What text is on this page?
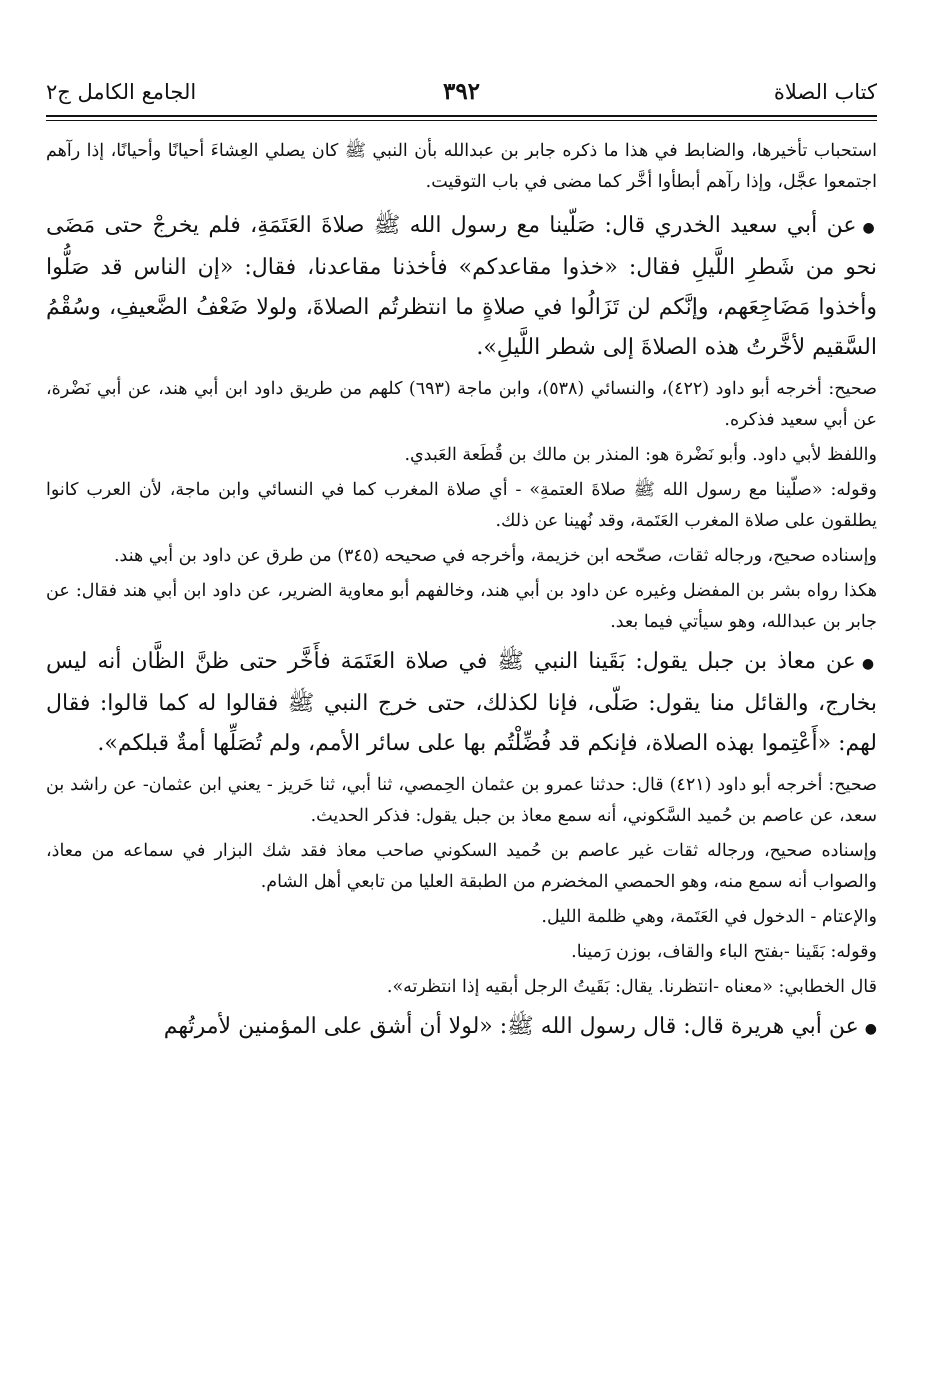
كتاب الصلاة
٣٩٢
الجامع الكامل ج٢

استحباب تأخيرها، والضابط في هذا ما ذكره جابر بن عبدالله بأن النبي ﷺ كان يصلي العِشاءَ أحيانًا وأحيانًا، إذا رآهم اجتمعوا عجَّل، وإذا رآهم أبطأوا أخَّر كما مضى في باب التوقيت.

●عن أبي سعيد الخدري قال: صَلّينا مع رسول الله ﷺ صلاةَ العَتَمَةِ، فلم يخرجْ حتى مَضَى نحو من شَطرِ اللَّيلِ فقال: «خذوا مقاعدكم» فأخذنا مقاعدنا، فقال: «إن الناس قد صَلُّوا وأخذوا مَضَاجِعَهم، وإنَّكم لن تَزَالُوا في صلاةٍ ما انتظرتُم الصلاةَ، ولولا ضَعْفُ الضَّعيفِ، وسُقْمُ السَّقيم لأخَّرتُ هذه الصلاةَ إلى شطر اللَّيلِ».

صحيح: أخرجه أبو داود (٤٢٢)، والنسائي (٥٣٨)، وابن ماجة (٦٩٣) كلهم من طريق داود ابن أبي هند، عن أبي نَضْرة، عن أبي سعيد فذكره.

واللفظ لأبي داود. وأبو نَضْرة هو: المنذر بن مالك بن قُطَعة العَبدي.

وقوله: «صلّينا مع رسول الله ﷺ صلاةَ العتمةِ» - أي صلاة المغرب كما في النسائي وابن ماجة، لأن العرب كانوا يطلقون على صلاة المغرب العَتَمة، وقد نُهينا عن ذلك.

وإسناده صحيح، ورجاله ثقات، صحّحه ابن خزيمة، وأخرجه في صحيحه (٣٤٥) من طرق عن داود بن أبي هند.

هكذا رواه بشر بن المفضل وغيره عن داود بن أبي هند، وخالفهم أبو معاوية الضرير، عن داود ابن أبي هند فقال: عن جابر بن عبدالله، وهو سيأتي فيما بعد.

●عن معاذ بن جبل يقول: بَقَينا النبي ﷺ في صلاة العَتَمَة فأَخَّر حتى ظنَّ الظَّان أنه ليس بخارج، والقائل منا يقول: صَلّى، فإنا لكذلك، حتى خرج النبي ﷺ فقالوا له كما قالوا: فقال لهم: «أَعْتِموا بهذه الصلاة، فإنكم قد فُضِّلْتُم بها على سائر الأمم، ولم تُصَلِّها أمةٌ قبلكم».

صحيح: أخرجه أبو داود (٤٢١) قال: حدثنا عمرو بن عثمان الحِمصي، ثنا أبي، ثنا حَريز - يعني ابن عثمان- عن راشد بن سعد، عن عاصم بن حُميد السَّكوني، أنه سمع معاذ بن جبل يقول: فذكر الحديث.

وإسناده صحيح، ورجاله ثقات غير عاصم بن حُميد السكوني صاحب معاذ فقد شك البزار في سماعه من معاذ، والصواب أنه سمع منه، وهو الحمصي المخضرم من الطبقة العليا من تابعي أهل الشام.

والإعتام - الدخول في العَتَمة، وهي ظلمة الليل.

وقوله: بَقَينا -بفتح الباء والقاف، بوزن رَمينا.

قال الخطابي: «معناه -انتظرنا. يقال: بَقَيتُ الرجل أبقيه إذا انتظرته».

●عن أبي هريرة قال: قال رسول الله ﷺ: «لولا أن أشق على المؤمنين لأمرتُهم
